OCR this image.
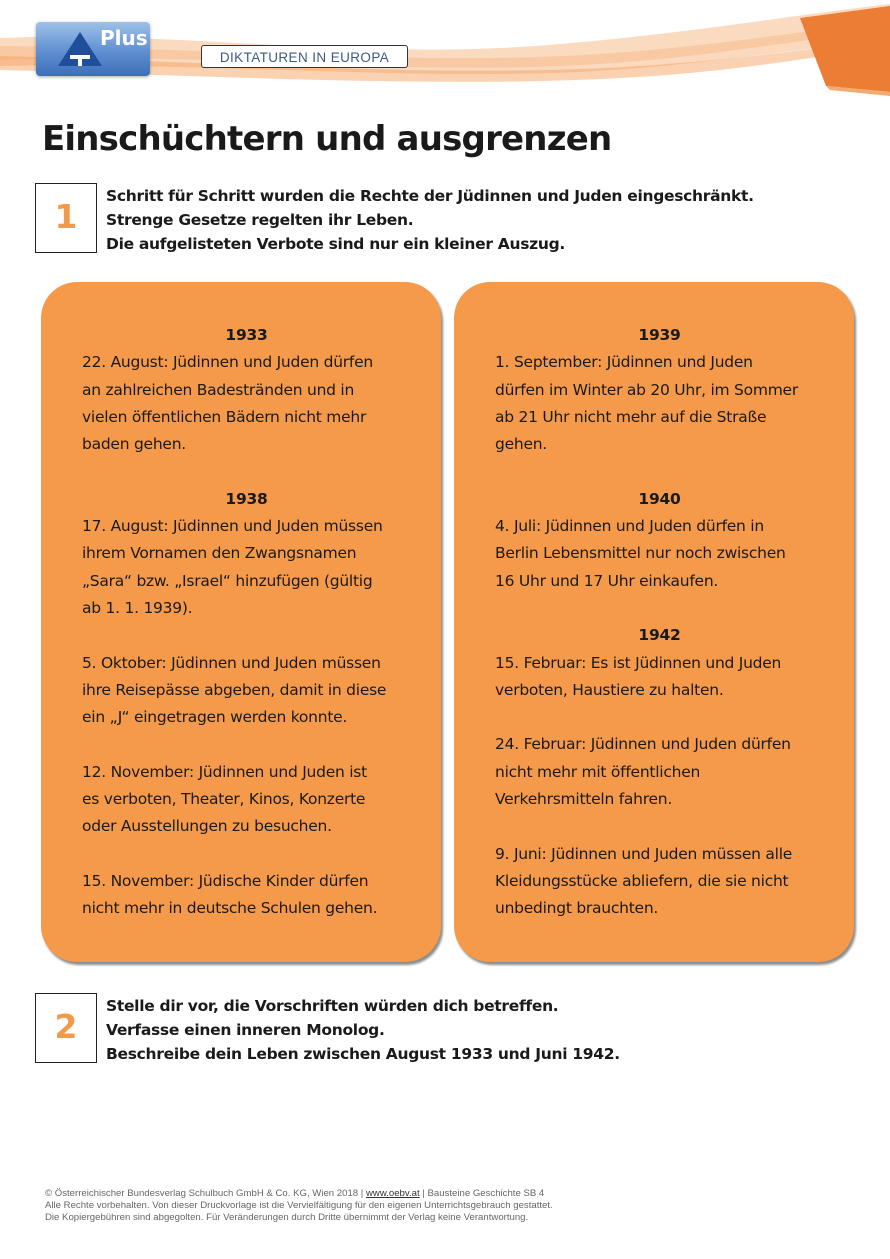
Plus
DIKTATUREN IN EUROPA
Einschüchtern und ausgrenzen
1
Schritt für Schritt wurden die Rechte der Jüdinnen und Juden eingeschränkt.
Strenge Gesetze regelten ihr Leben.
Die aufgelisteten Verbote sind nur ein kleiner Auszug.
1933
22. August: Jüdinnen und Juden dürfen
an zahlreichen Badestränden und in
vielen öffentlichen Bädern nicht mehr
baden gehen.
1938
17. August: Jüdinnen und Juden müssen
ihrem Vornamen den Zwangsnamen
„Sara“ bzw. „Israel“ hinzufügen (gültig
ab 1. 1. 1939).
5. Oktober: Jüdinnen und Juden müssen
ihre Reisepässe abgeben, damit in diese
ein „J“ eingetragen werden konnte.
12. November: Jüdinnen und Juden ist
es verboten, Theater, Kinos, Konzerte
oder Ausstellungen zu besuchen.
15. November: Jüdische Kinder dürfen
nicht mehr in deutsche Schulen gehen.
1939
1. September: Jüdinnen und Juden
dürfen im Winter ab 20 Uhr, im Sommer
ab 21 Uhr nicht mehr auf die Straße
gehen.
1940
4. Juli: Jüdinnen und Juden dürfen in
Berlin Lebensmittel nur noch zwischen
16 Uhr und 17 Uhr einkaufen.
1942
15. Februar: Es ist Jüdinnen und Juden
verboten, Haustiere zu halten.
24. Februar: Jüdinnen und Juden dürfen
nicht mehr mit öffentlichen
Verkehrsmitteln fahren.
9. Juni: Jüdinnen und Juden müssen alle
Kleidungsstücke abliefern, die sie nicht
unbedingt brauchten.
2
Stelle dir vor, die Vorschriften würden dich betreffen.
Verfasse einen inneren Monolog.
Beschreibe dein Leben zwischen August 1933 und Juni 1942.
© Österreichischer Bundesverlag Schulbuch GmbH & Co. KG, Wien 2018 | www.oebv.at | Bausteine Geschichte SB 4
Alle Rechte vorbehalten. Von dieser Druckvorlage ist die Vervielfältigung für den eigenen Unterrichtsgebrauch gestattet.
Die Kopiergebühren sind abgegolten. Für Veränderungen durch Dritte übernimmt der Verlag keine Verantwortung.
